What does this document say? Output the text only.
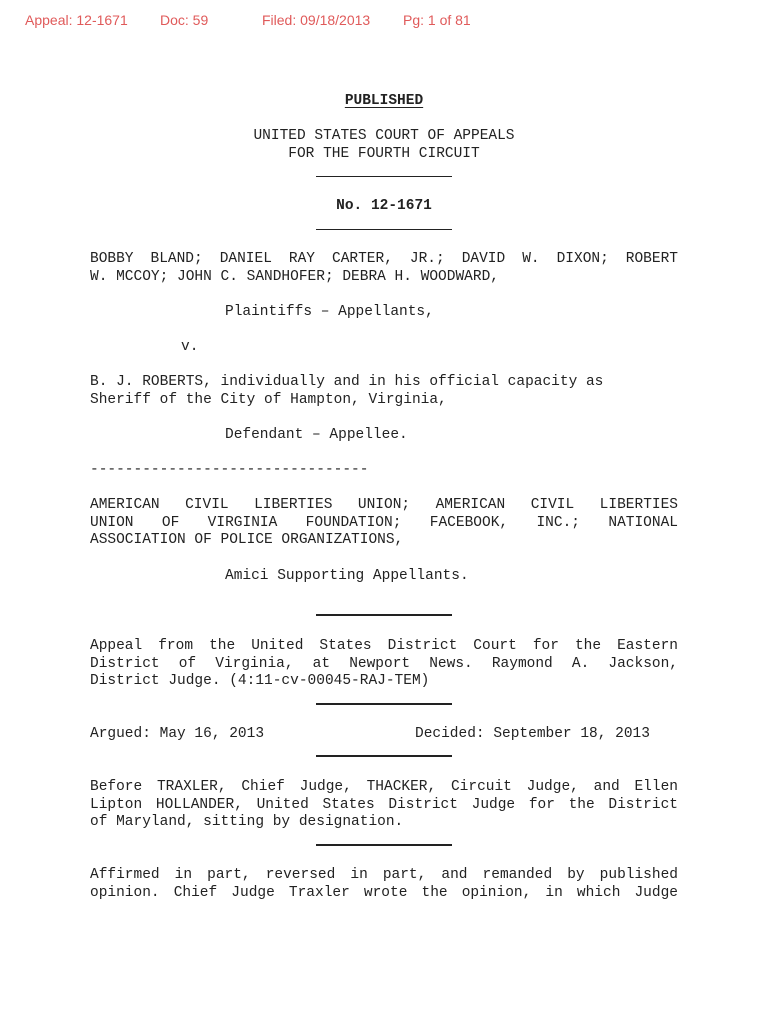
Appeal: 12-1671 Doc: 59	Filed: 09/18/2013 Pg: 1 of 81
PUBLISHED
UNITED STATES COURT OF APPEALS
FOR THE FOURTH CIRCUIT
No. 12-1671
BOBBY BLAND; DANIEL RAY CARTER, JR.; DAVID W. DIXON; ROBERT
W. MCCOY; JOHN C. SANDHOFER; DEBRA H. WOODWARD,
Plaintiffs – Appellants,
v.
B. J. ROBERTS, individually and in his official capacity as
Sheriff of the City of Hampton, Virginia,
Defendant – Appellee.
--------------------------------
AMERICAN CIVIL LIBERTIES UNION; AMERICAN CIVIL LIBERTIES
UNION OF VIRGINIA FOUNDATION; FACEBOOK, INC.; NATIONAL
ASSOCIATION OF POLICE ORGANIZATIONS,
Amici Supporting Appellants.
Appeal from the United States District Court for the Eastern
District of Virginia, at Newport News. Raymond A. Jackson,
District Judge. (4:11-cv-00045-RAJ-TEM)
Argued: May 16, 2013	Decided: September 18, 2013
Before TRAXLER, Chief Judge, THACKER, Circuit Judge, and Ellen
Lipton HOLLANDER, United States District Judge for the District
of Maryland, sitting by designation.
Affirmed in part, reversed in part, and remanded by published
opinion. Chief Judge Traxler wrote the opinion, in which Judge
